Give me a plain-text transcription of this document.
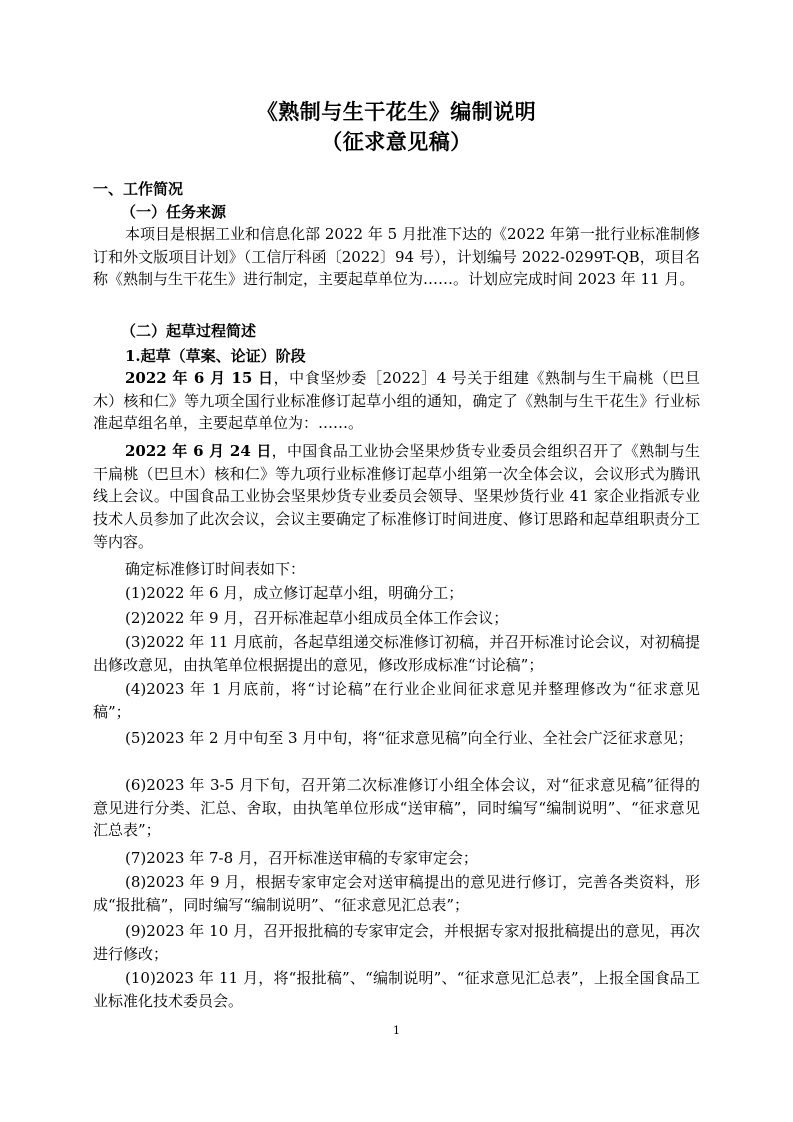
《熟制与生干花生》编制说明
（征求意见稿）
一、工作简况
（一）任务来源

本项目是根据工业和信息化部 2022 年 5 月批准下达的《2022 年第一批行业标准制修订和外文版项目计划》（工信厅科函〔2022〕94 号），计划编号 2022-0299T-QB，项目名称《熟制与生干花生》进行制定，主要起草单位为……。计划应完成时间 2023 年 11 月。

（二）起草过程简述
1.起草（草案、论证）阶段

2022 年 6 月 15 日，中食坚炒委［2022］4 号关于组建《熟制与生干扁桃（巴旦木）核和仁》等九项全国行业标准修订起草小组的通知，确定了《熟制与生干花生》行业标准起草组名单，主要起草单位为：……。

2022 年 6 月 24 日，中国食品工业协会坚果炒货专业委员会组织召开了《熟制与生干扁桃（巴旦木）核和仁》等九项行业标准修订起草小组第一次全体会议，会议形式为腾讯线上会议。中国食品工业协会坚果炒货专业委员会领导、坚果炒货行业 41 家企业指派专业技术人员参加了此次会议，会议主要确定了标准修订时间进度、修订思路和起草组职责分工等内容。

确定标准修订时间表如下：

(1)2022 年 6 月，成立修订起草小组，明确分工；

(2)2022 年 9 月，召开标准起草小组成员全体工作会议；

(3)2022 年 11 月底前，各起草组递交标准修订初稿，并召开标准讨论会议，对初稿提出修改意见，由执笔单位根据提出的意见，修改形成标准“讨论稿”；

(4)2023 年 1 月底前，将“讨论稿”在行业企业间征求意见并整理修改为“征求意见稿”；

(5)2023 年 2 月中旬至 3 月中旬，将“征求意见稿”向全行业、全社会广泛征求意见；

(6)2023 年 3-5 月下旬，召开第二次标准修订小组全体会议，对“征求意见稿”征得的意见进行分类、汇总、舍取，由执笔单位形成“送审稿”，同时编写“编制说明”、“征求意见汇总表”；

(7)2023 年 7-8 月，召开标准送审稿的专家审定会；

(8)2023 年 9 月，根据专家审定会对送审稿提出的意见进行修订，完善各类资料，形成“报批稿”，同时编写“编制说明”、“征求意见汇总表”；

(9)2023 年 10 月，召开报批稿的专家审定会，并根据专家对报批稿提出的意见，再次进行修改；

(10)2023 年 11 月，将“报批稿”、“编制说明”、“征求意见汇总表”，上报全国食品工业标准化技术委员会。

1
